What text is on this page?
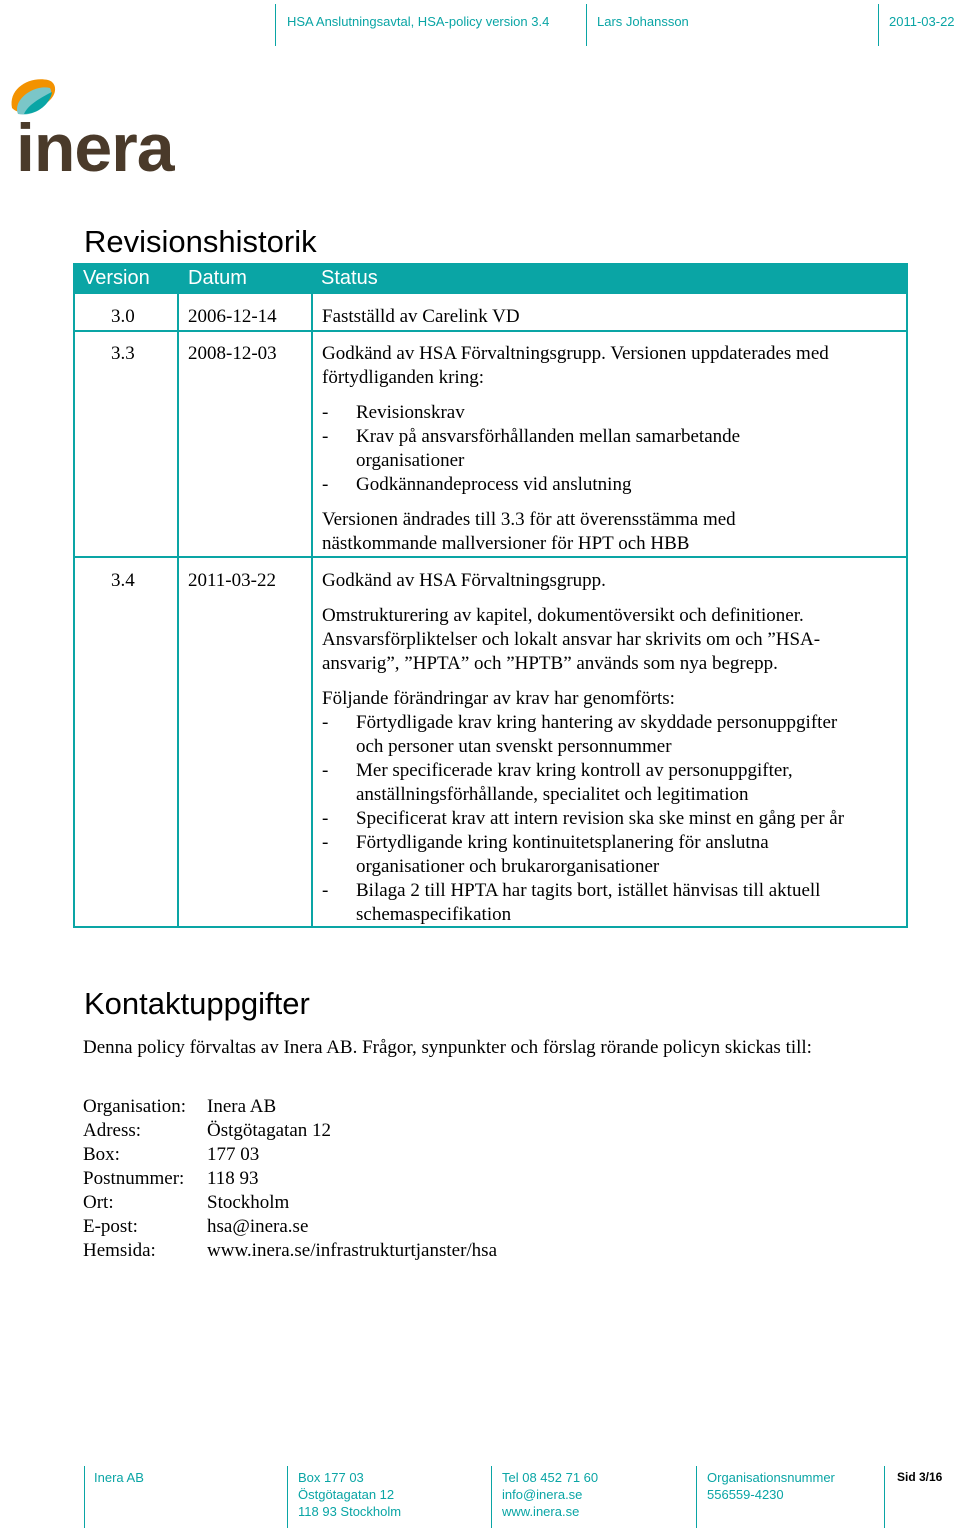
HSA Anslutningsavtal, HSA-policy version 3.4	Lars Johansson	2011-03-22
inera
Revisionshistorik
Version Datum	Status
3.0	2006-12-14 Fastställd av Carelink VD
3.3	2008-12-03 Godkänd av HSA Förvaltningsgrupp. Versionen uppdaterades med
förtydliganden kring:
- Revisionskrav
- Krav på ansvarsförhållanden mellan samarbetande
organisationer
- Godkännandeprocess vid anslutning
Versionen ändrades till 3.3 för att överensstämma med
nästkommande mallversioner för HPT och HBB
3.4	2011-03-22 Godkänd av HSA Förvaltningsgrupp.
Omstrukturering av kapitel, dokumentöversikt och definitioner.
Ansvarsförpliktelser och lokalt ansvar har skrivits om och ”HSA-
ansvarig”, ”HPTA” och ”HPTB” används som nya begrepp.
Följande förändringar av krav har genomförts:
- Förtydligade krav kring hantering av skyddade personuppgifter
och personer utan svenskt personnummer
- Mer specificerade krav kring kontroll av personuppgifter,
anställningsförhållande, specialitet och legitimation
- Specificerat krav att intern revision ska ske minst en gång per år
- Förtydligande kring kontinuitetsplanering för anslutna
organisationer och brukarorganisationer
- Bilaga 2 till HPTA har tagits bort, istället hänvisas till aktuell
schemaspecifikation
Kontaktuppgifter
Denna policy förvaltas av Inera AB. Frågor, synpunkter och förslag rörande policyn skickas till:
Organisation:	Inera AB
Adress:	Östgötagatan 12
Box:	177 03
Postnummer:	118 93
Ort:	Stockholm
E-post:	hsa@inera.se
Hemsida:	www.inera.se/infrastrukturtjanster/hsa
Inera AB	Box 177 03
Östgötagatan 12
118 93 Stockholm
Tel 08 452 71 60
info@inera.se
www.inera.se
Organisationsnummer
556559-4230
Sid 3/16
